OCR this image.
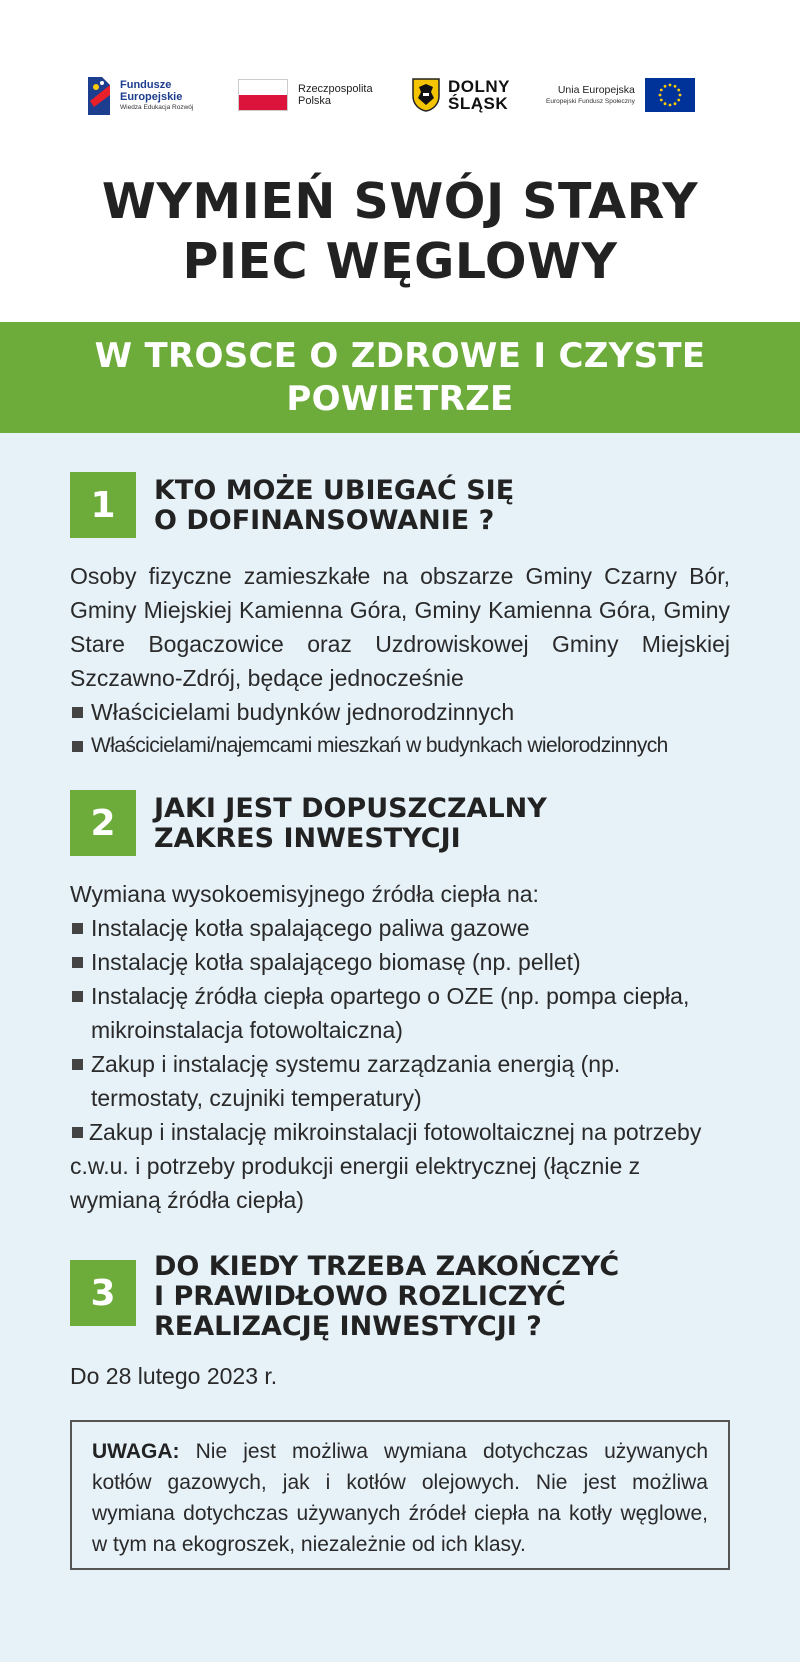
Fundusze
Europejskie
Wiedza Edukacja Rozwój
Rzeczpospolita
Polska
DOLNY
ŚLĄSK
Unia Europejska
Europejski Fundusz Społeczny
WYMIEŃ SWÓJ STARY
PIEC WĘGLOWY
W TROSCE O ZDROWE I CZYSTE
POWIETRZE
1	KTO MOŻE UBIEGAĆ SIĘ
O DOFINANSOWANIE ?

Osoby fizyczne zamieszkałe na obszarze Gminy Czarny Bór, Gminy Miejskiej Kamienna Góra, Gminy Kamienna Góra, Gminy Stare Bogaczowice oraz Uzdrowiskowej Gminy Miejskiej Szczawno-Zdrój, będące jednocześnie

Właścicielami budynków jednorodzinnych
Właścicielami/najemcami mieszkań w budynkach wielorodzinnych
2	JAKI JEST DOPUSZCZALNY
ZAKRES INWESTYCJI

Wymiana wysokoemisyjnego źródła ciepła na:

Instalację kotła spalającego paliwa gazowe
Instalację kotła spalającego biomasę (np. pellet)
Instalację źródła ciepła opartego o OZE (np. pompa ciepła, mikroinstalacja fotowoltaiczna)
Zakup i instalację systemu zarządzania energią (np. termostaty, czujniki temperatury)

Zakup i instalację mikroinstalacji fotowoltaicznej na potrzeby c.w.u. i potrzeby produkcji energii elektrycznej (łącznie z wymianą źródła ciepła)

3
DO KIEDY TRZEBA ZAKOŃCZYĆ
I PRAWIDŁOWO ROZLICZYĆ
REALIZACJĘ INWESTYCJI ?

Do 28 lutego 2023 r.

UWAGA: Nie jest możliwa wymiana dotychczas używanych kotłów gazowych, jak i kotłów olejowych. Nie jest możliwa wymiana dotychczas używanych źródeł ciepła na kotły węglowe, w tym na ekogroszek, niezależnie od ich klasy.
